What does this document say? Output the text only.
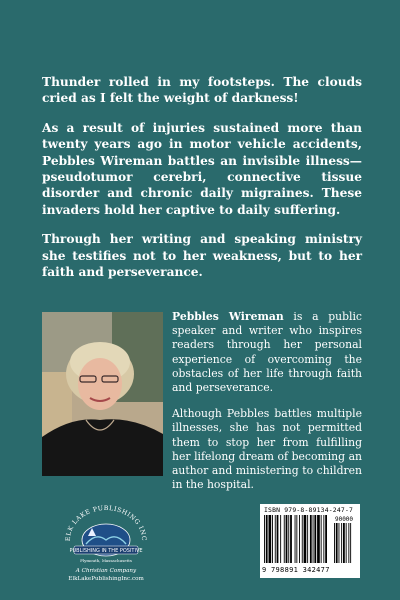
Thunder rolled in my footsteps. The clouds cried as I felt the weight of darkness!

As a result of injuries sustained more than twenty years ago in motor vehicle accidents, Pebbles Wireman battles an invisible illness—pseudotumor cerebri, connective tissue disorder and chronic daily migraines. These invaders hold her captive to daily suffering.

Through her writing and speaking ministry she testifies not to her weakness, but to her faith and perseverance.

Pebbles Wireman is a public speaker and writer who inspires readers through her personal experience of overcoming the obstacles of her life through faith and perseverance.

Although Pebbles battles multiple illnesses, she has not permitted them to stop her from fulfilling her lifelong dream of becoming an author and ministering to children in the hospital.

ELK LAKE PUBLISHING INC
PUBLISHING IN THE POSITIVE
Plymouth, Massachusetts
A Christian Company
ElkLakePublishingInc.com
ISBN 979-8-89134-247-7
90000
9 798891 342477
